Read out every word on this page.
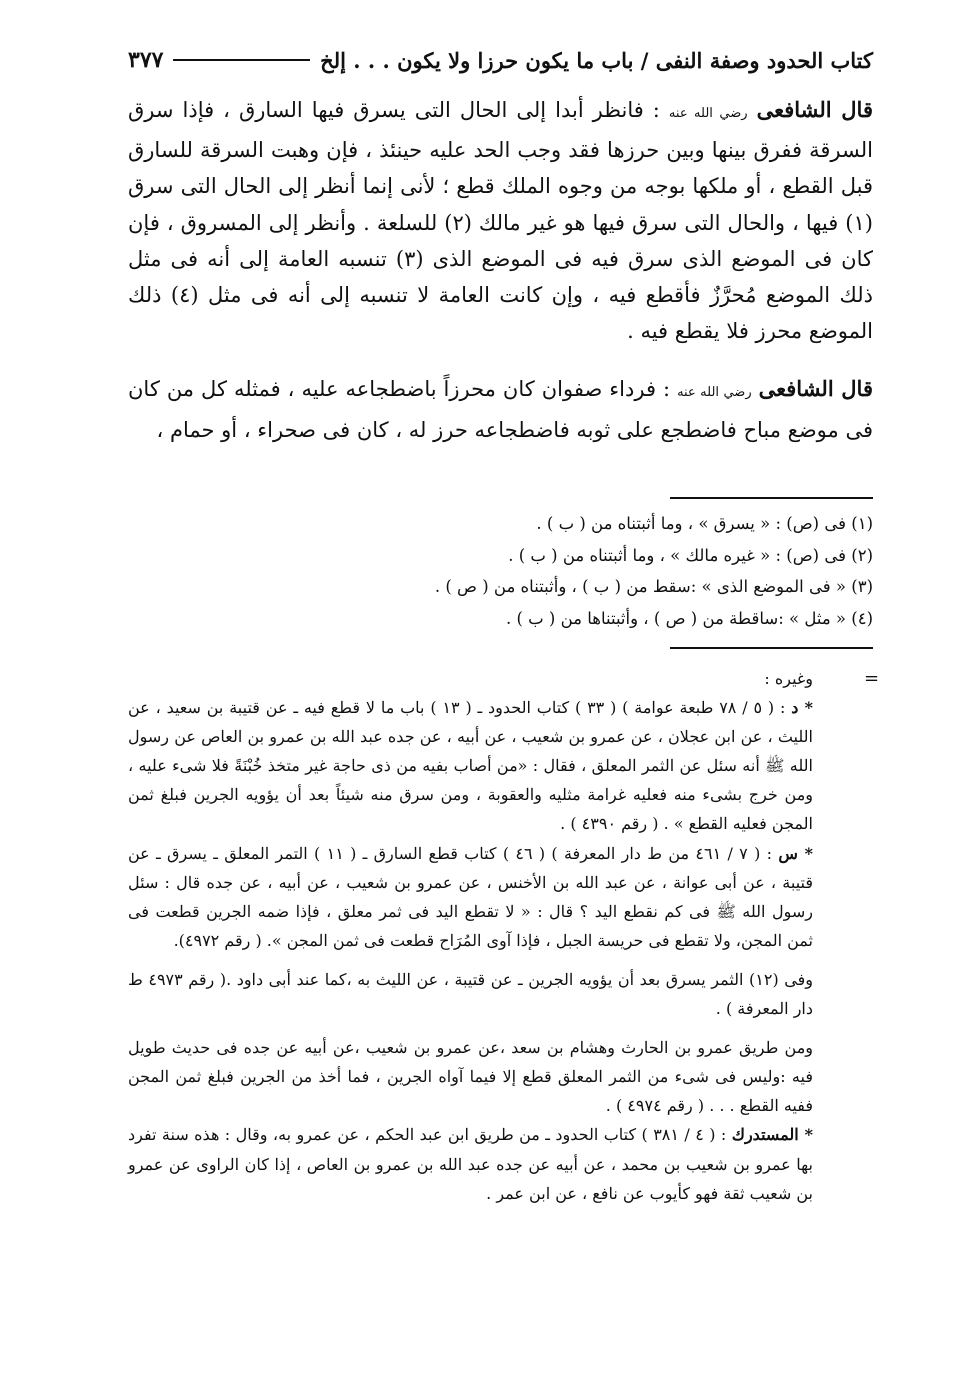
كتاب الحدود وصفة النفى / باب ما يكون حرزا ولا يكون . . . إلخ
٣٧٧

قال الشافعى رضي الله عنه : فانظر أبدا إلى الحال التى يسرق فيها السارق ، فإذا سرق السرقة ففرق بينها وبين حرزها فقد وجب الحد عليه حينئذ ، فإن وهبت السرقة للسارق قبل القطع ، أو ملكها بوجه من وجوه الملك قطع ؛ لأنى إنما أنظر إلى الحال التى سرق (١) فيها ، والحال التى سرق فيها هو غير مالك (٢) للسلعة . وأنظر إلى المسروق ، فإن كان فى الموضع الذى سرق فيه فى الموضع الذى (٣) تنسبه العامة إلى أنه فى مثل ذلك الموضع مُحرَّزٌ فأقطع فيه ، وإن كانت العامة لا تنسبه إلى أنه فى مثل (٤) ذلك الموضع محرز فلا يقطع فيه .

قال الشافعى رضي الله عنه : فرداء صفوان كان محرزاً باضطجاعه عليه ، فمثله كل من كان فى موضع مباح فاضطجع على ثوبه فاضطجاعه حرز له ، كان فى صحراء ، أو حمام ،

(١) فى (ص) : « يسرق » ، وما أثبتناه من ( ب ) .
(٢) فى (ص) : « غيره مالك » ، وما أثبتناه من ( ب ) .
(٣) « فى الموضع الذى » :سقط من ( ب ) ، وأثبتناه من ( ص ) .
(٤) « مثل » :ساقطة من ( ص ) ، وأثبتناها من ( ب ) .
=
وغيره :

* د : ( ٥ / ٧٨ طبعة عوامة ) ( ٣٣ ) كتاب الحدود ـ ( ١٣ ) باب ما لا قطع فيه ـ عن قتيبة بن سعيد ، عن الليث ، عن ابن عجلان ، عن عمرو بن شعيب ، عن أبيه ، عن جده عبد الله بن عمرو بن العاص عن رسول الله ﷺ أنه سئل عن الثمر المعلق ، فقال : «من أصاب بفيه من ذى حاجة غير متخذ خُبْنَةً فلا شىء عليه ، ومن خرج بشىء منه فعليه غرامة مثليه والعقوبة ، ومن سرق منه شيئاً بعد أن يؤويه الجرين فبلغ ثمن المجن فعليه القطع » . ( رقم ٤٣٩٠ ) .

* س : ( ٧ / ٤٦١ من ط دار المعرفة ) ( ٤٦ ) كتاب قطع السارق ـ ( ١١ ) التمر المعلق ـ يسرق ـ عن قتيبة ، عن أبى عوانة ، عن عبد الله بن الأخنس ، عن عمرو بن شعيب ، عن أبيه ، عن جده قال : سئل رسول الله ﷺ فى كم نقطع اليد ؟ قال : « لا تقطع اليد فى ثمر معلق ، فإذا ضمه الجرين قطعت فى ثمن المجن، ولا تقطع فى حريسة الجبل ، فإذا آوى المُرَاح قطعت فى ثمن المجن ». ( رقم ٤٩٧٢).

وفى (١٢) الثمر يسرق بعد أن يؤويه الجرين ـ عن قتيبة ، عن الليث به ،كما عند أبى داود .( رقم ٤٩٧٣ ط دار المعرفة ) .

ومن طريق عمرو بن الحارث وهشام بن سعد ،عن عمرو بن شعيب ،عن أبيه عن جده فى حديث طويل فيه :وليس فى شىء من الثمر المعلق قطع إلا فيما آواه الجرين ، فما أخذ من الجرين فبلغ ثمن المجن ففيه القطع . . . ( رقم ٤٩٧٤ ) .

* المستدرك : ( ٤ / ٣٨١ ) كتاب الحدود ـ من طريق ابن عبد الحكم ، عن عمرو به، وقال : هذه سنة تفرد بها عمرو بن شعيب بن محمد ، عن أبيه عن جده عبد الله بن عمرو بن العاص ، إذا كان الراوى عن عمرو بن شعيب ثقة فهو كأيوب عن نافع ، عن ابن عمر .
